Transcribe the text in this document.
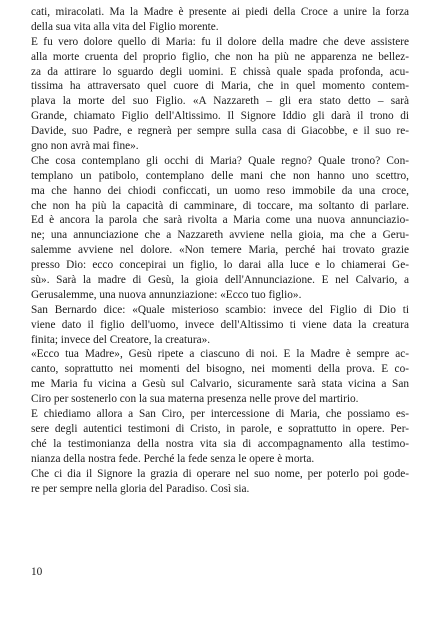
cati, miracolati. Ma la Madre è presente ai piedi della Croce a unire la forza
della sua vita alla vita del Figlio morente.
E fu vero dolore quello di Maria: fu il dolore della madre che deve assistere
alla morte cruenta del proprio figlio, che non ha più ne apparenza ne bellez-
za da attirare lo sguardo degli uomini. E chissà quale spada profonda, acu-
tissima ha attraversato quel cuore di Maria, che in quel momento contem-
plava la morte del suo Figlio. «A Nazzareth – gli era stato detto – sarà
Grande, chiamato Figlio dell'Altissimo. Il Signore Iddio gli darà il trono di
Davide, suo Padre, e regnerà per sempre sulla casa di Giacobbe, e il suo re-
gno non avrà mai fine».
Che cosa contemplano gli occhi di Maria? Quale regno? Quale trono? Con-
templano un patibolo, contemplano delle mani che non hanno uno scettro,
ma che hanno dei chiodi conficcati, un uomo reso immobile da una croce,
che non ha più la capacità di camminare, di toccare, ma soltanto di parlare.
Ed è ancora la parola che sarà rivolta a Maria come una nuova annunciazio-
ne; una annunciazione che a Nazzareth avviene nella gioia, ma che a Geru-
salemme avviene nel dolore. «Non temere Maria, perché hai trovato grazie
presso Dio: ecco concepirai un figlio, lo darai alla luce e lo chiamerai Ge-
sù». Sarà la madre di Gesù, la gioia dell'Annunciazione. E nel Calvario, a
Gerusalemme, una nuova annunziazione: «Ecco tuo figlio».
San Bernardo dice: «Quale misterioso scambio: invece del Figlio di Dio ti
viene dato il figlio dell'uomo, invece dell'Altissimo ti viene data la creatura
finita; invece del Creatore, la creatura».
«Ecco tua Madre», Gesù ripete a ciascuno di noi. E la Madre è sempre ac-
canto, soprattutto nei momenti del bisogno, nei momenti della prova. E co-
me Maria fu vicina a Gesù sul Calvario, sicuramente sarà stata vicina a San
Ciro per sostenerlo con la sua materna presenza nelle prove del martirio.
E chiediamo allora a San Ciro, per intercessione di Maria, che possiamo es-
sere degli autentici testimoni di Cristo, in parole, e soprattutto in opere. Per-
ché la testimonianza della nostra vita sia di accompagnamento alla testimo-
nianza della nostra fede. Perché la fede senza le opere è morta.
Che ci dia il Signore la grazia di operare nel suo nome, per poterlo poi gode-
re per sempre nella gloria del Paradiso. Così sia.
10
